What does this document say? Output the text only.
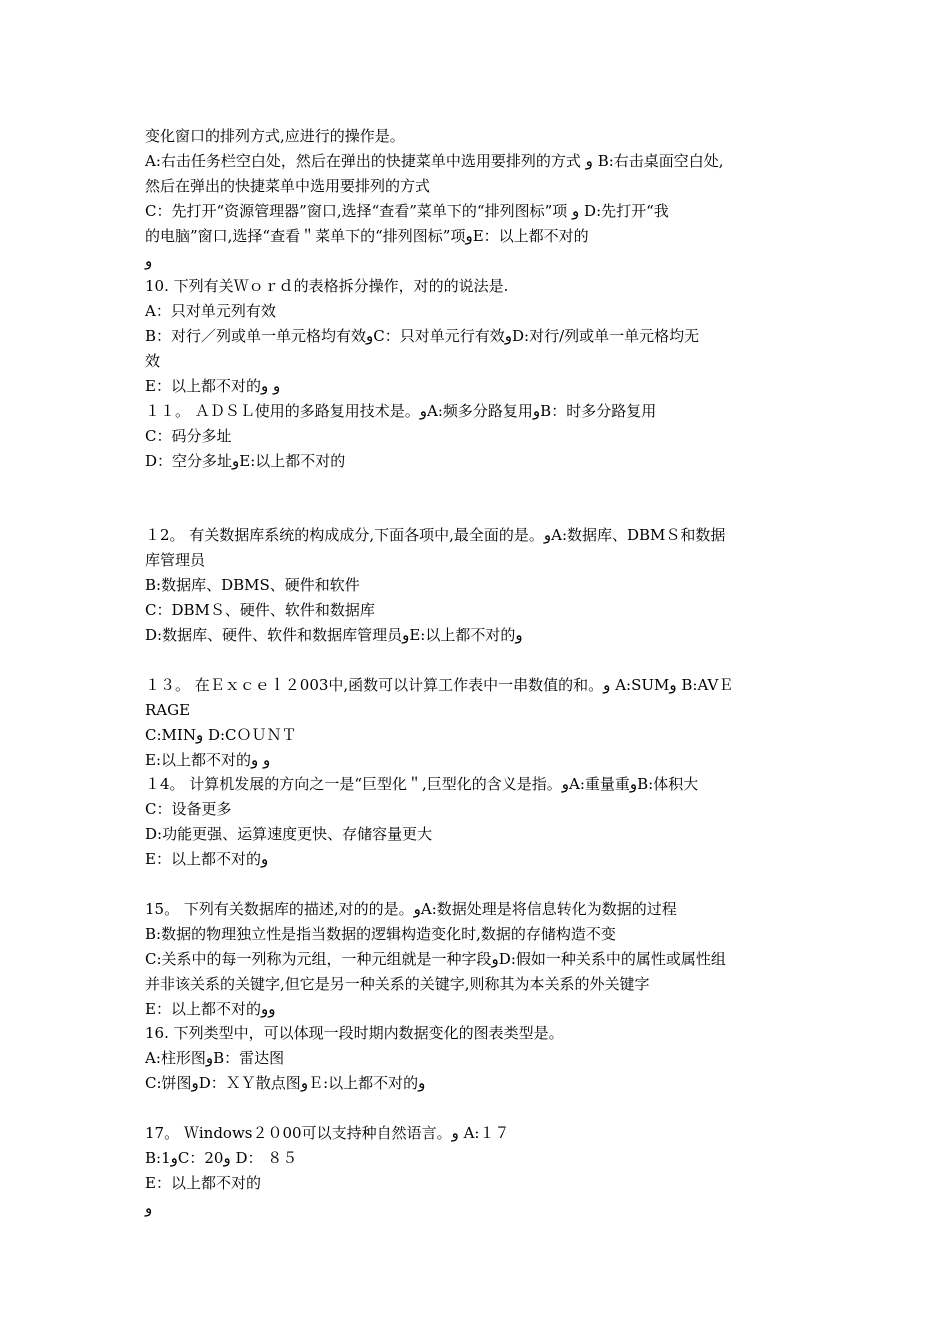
变化窗口的排列方式,应进行的操作是。
A:右击任务栏空白处，然后在弹出的快捷菜单中选用要排列的方式 ﻭ B:右击桌面空白处,
然后在弹出的快捷菜单中选用要排列的方式
C：先打开“资源管理器”窗口,选择“查看”菜单下的“排列图标”项 ﻭ D:先打开“我
的电脑”窗口,选择“查看＂菜单下的“排列图标”项ﻭE：以上都不对的
ﻭ
10. 下列有关Ｗｏｒｄ的表格拆分操作，对的的说法是.
A：只对单元列有效
B：对行／列或单一单元格均有效ﻭC：只对单元行有效ﻭD:对行/列或单一单元格均无
效
E：以上都不对的ﻭ ﻭ
１１。 ＡＤＳＬ使用的多路复用技术是。ﻭA:频多分路复用ﻭB：时多分路复用
C：码分多址
D：空分多址ﻭE:以上都不对的
１2。 有关数据库系统的构成成分,下面各项中,最全面的是。ﻭA:数据库、DBMＳ和数据
库管理员
B:数据库、DBMS、硬件和软件
C：DBMＳ、硬件、软件和数据库
D:数据库、硬件、软件和数据库管理员ﻭE:以上都不对的ﻭ
１３。 在Ｅｘｃｅｌ２003中,函数可以计算工作表中一串数值的和。ﻭ A:SUMﻭ B:AVＥ
RAGE
C:MINﻭ D:CＯＵＮＴ
E:以上都不对的ﻭ ﻭ
１4。 计算机发展的方向之一是“巨型化＂,巨型化的含义是指。ﻭA:重量重ﻭB:体积大
C：设备更多
D:功能更强、运算速度更快、存储容量更大
E：以上都不对的ﻭ
15。 下列有关数据库的描述,对的的是。ﻭA:数据处理是将信息转化为数据的过程
B:数据的物理独立性是指当数据的逻辑构造变化时,数据的存储构造不变
C:关系中的每一列称为元组，一种元组就是一种字段ﻭD:假如一种关系中的属性或属性组
并非该关系的关键字,但它是另一种关系的关键字,则称其为本关系的外关键字
E：以上都不对的ﻭﻭ
16. 下列类型中，可以体现一段时期内数据变化的图表类型是。
A:柱形图ﻭB：雷达图
C:饼图ﻭD：ＸＹ散点图ﻭＥ:以上都不对的ﻭ
17。 Ｗindows２０00可以支持种自然语言。ﻭ A:１７
B:1ﻭC：20ﻭ D： ８５
E：以上都不对的
ﻭ
